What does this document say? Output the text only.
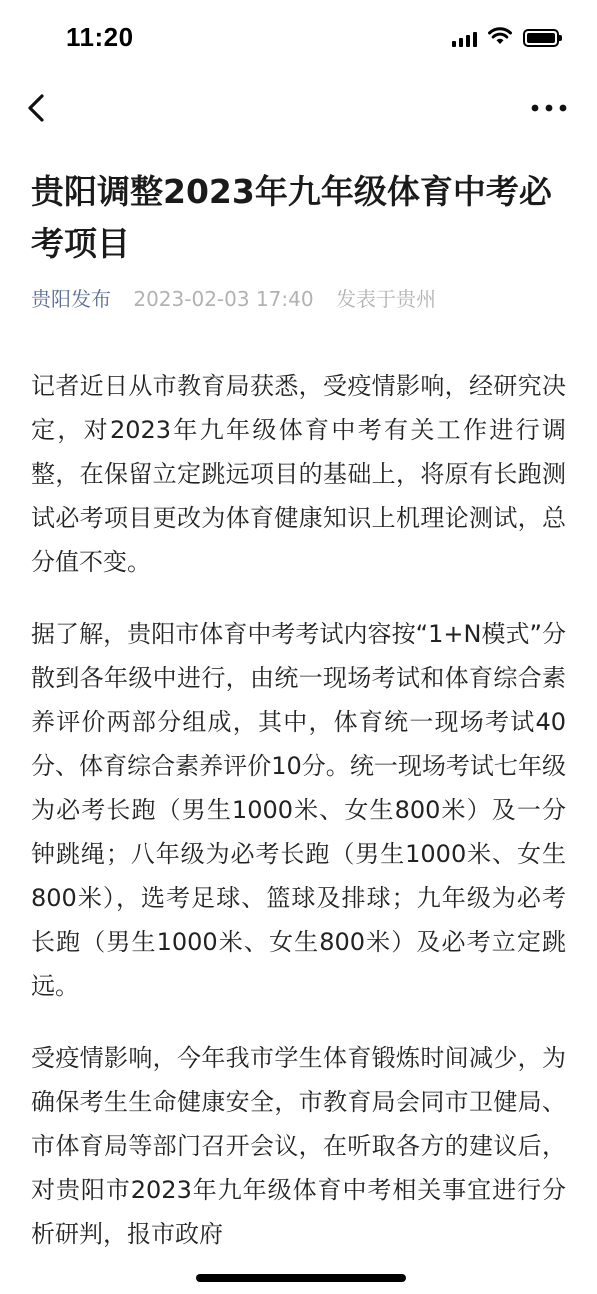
11:20
贵阳调整2023年九年级体育中考必考项目
贵阳发布 2023-02-03 17:40 发表于贵州

记者近日从市教育局获悉，受疫情影响，经研究决定，对2023年九年级体育中考有关工作进行调整，在保留立定跳远项目的基础上，将原有长跑测试必考项目更改为体育健康知识上机理论测试，总分值不变。

据了解，贵阳市体育中考考试内容按“1+N模式”分散到各年级中进行，由统一现场考试和体育综合素养评价两部分组成，其中，体育统一现场考试40分、体育综合素养评价10分。统一现场考试七年级为必考长跑（男生1000米、女生800米）及一分钟跳绳；八年级为必考长跑（男生1000米、女生800米），选考足球、篮球及排球；九年级为必考长跑（男生1000米、女生800米）及必考立定跳远。

受疫情影响，今年我市学生体育锻炼时间减少，为确保考生生命健康安全，市教育局会同市卫健局、市体育局等部门召开会议，在听取各方的建议后，对贵阳市2023年九年级体育中考相关事宜进行分析研判，报市政府
